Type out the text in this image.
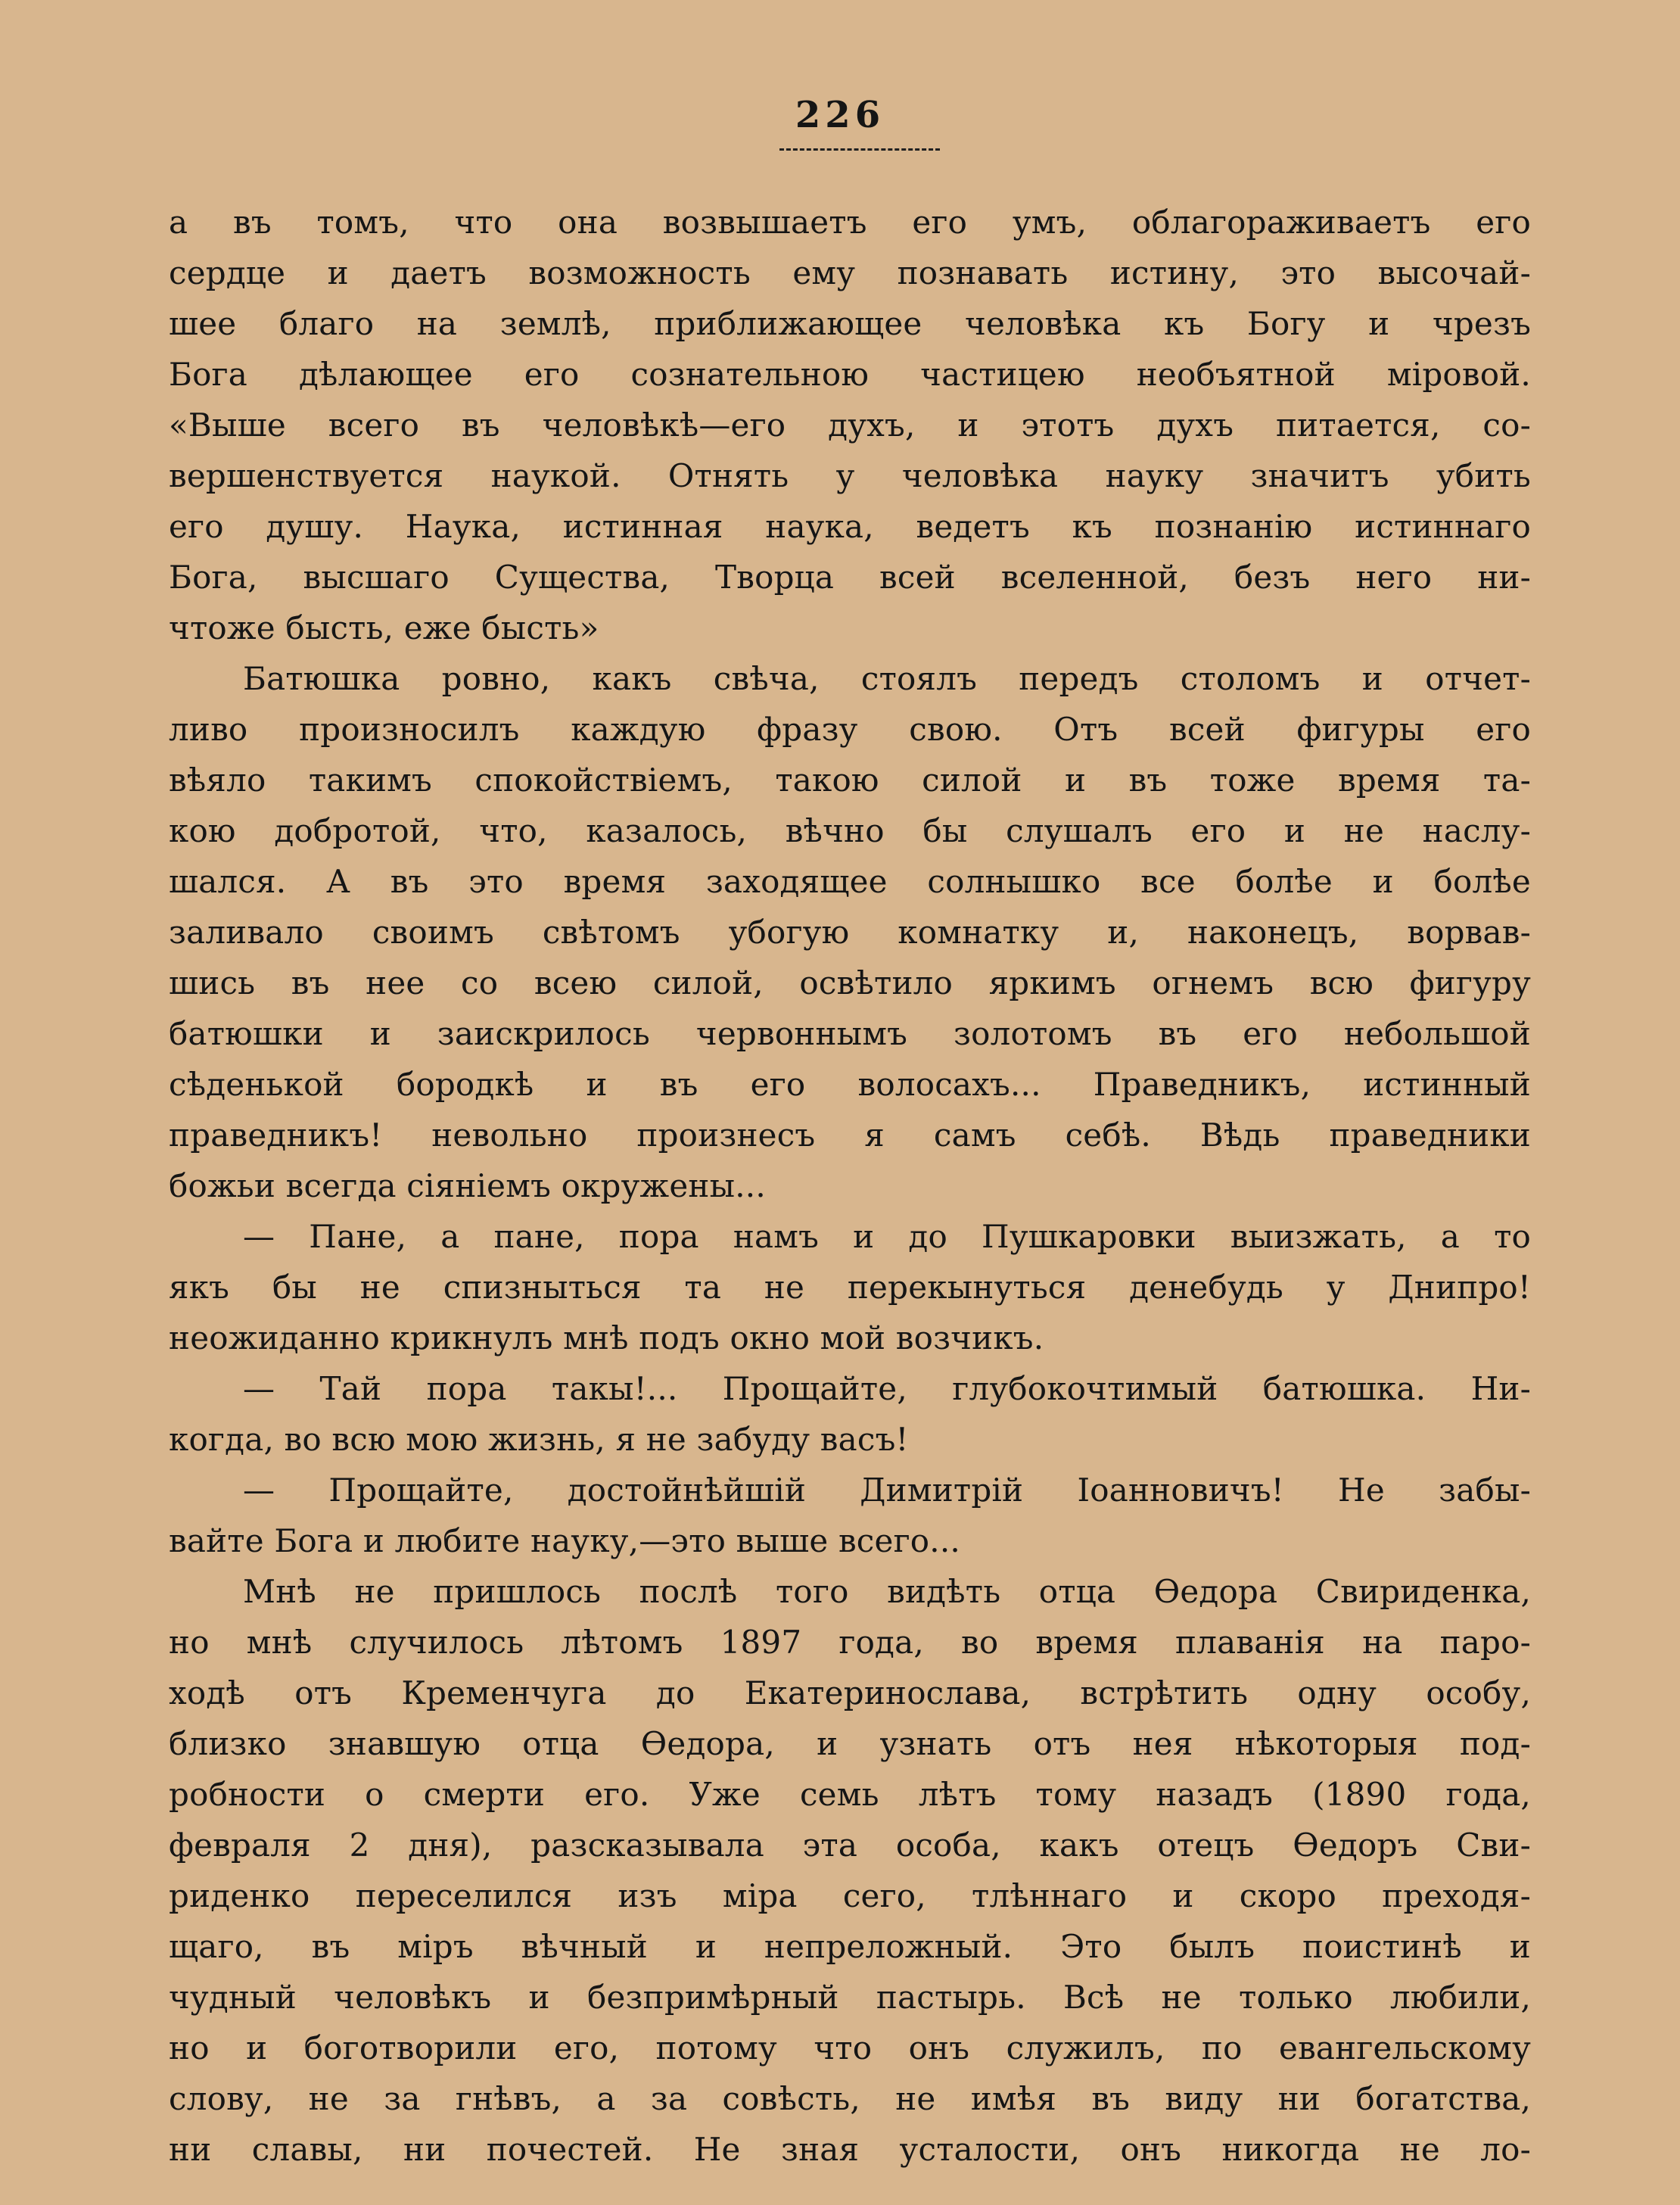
226
а въ томъ, что она возвышаетъ его умъ, облагораживаетъ его
сердце и даетъ возможность ему познавать истину, это высочай-
шее благо на землѣ, приближающее человѣка къ Богу и чрезъ
Бога дѣлающее его сознательною частицею необъятной міровой.
«Выше всего въ человѣкѣ—его духъ, и этотъ духъ питается, со-
вершенствуется наукой. Отнять у человѣка науку значитъ убить
его душу. Наука, истинная наука, ведетъ къ познанію истиннаго
Бога, высшаго Существа, Творца всей вселенной, безъ него ни-
чтоже бысть, еже бысть»
Батюшка ровно, какъ свѣча, стоялъ передъ столомъ и отчет-
ливо произносилъ каждую фразу свою. Отъ всей фигуры его
вѣяло такимъ спокойствіемъ, такою силой и въ тоже время та-
кою добротой, что, казалось, вѣчно бы слушалъ его и не наслу-
шался. А въ это время заходящее солнышко все болѣе и болѣе
заливало своимъ свѣтомъ убогую комнатку и, наконецъ, ворвав-
шись въ нее со всею силой, освѣтило яркимъ огнемъ всю фигуру
батюшки и заискрилось червоннымъ золотомъ въ его небольшой
сѣденькой бородкѣ и въ его волосахъ... Праведникъ, истинный
праведникъ! невольно произнесъ я самъ себѣ. Вѣдь праведники
божьи всегда сіяніемъ окружены...
— Пане, а пане, пора намъ и до Пушкаровки выизжать, а то
якъ бы не спизныться та не перекынуться денебудь у Днипро!
неожиданно крикнулъ мнѣ подъ окно мой возчикъ.
— Тай пора такы!... Прощайте, глубокочтимый батюшка. Ни-
когда, во всю мою жизнь, я не забуду васъ!
— Прощайте, достойнѣйшій Димитрій Іоанновичъ! Не забы-
вайте Бога и любите науку,—это выше всего...
Мнѣ не пришлось послѣ того видѣть отца Ѳедора Свириденка,
но мнѣ случилось лѣтомъ 1897 года, во время плаванія на паро-
ходѣ отъ Кременчуга до Екатеринослава, встрѣтить одну особу,
близко знавшую отца Ѳедора, и узнать отъ нея нѣкоторыя под-
робности о смерти его. Уже семь лѣтъ тому назадъ (1890 года,
февраля 2 дня), разсказывала эта особа, какъ отецъ Ѳедоръ Сви-
риденко переселился изъ міра сего, тлѣннаго и скоро преходя-
щаго, въ міръ вѣчный и непреложный. Это былъ поистинѣ и
чудный человѣкъ и безпримѣрный пастырь. Всѣ не только любили,
но и боготворили его, потому что онъ служилъ, по евангельскому
слову, не за гнѣвъ, а за совѣсть, не имѣя въ виду ни богатства,
ни славы, ни почестей. Не зная усталости, онъ никогда не ло-
